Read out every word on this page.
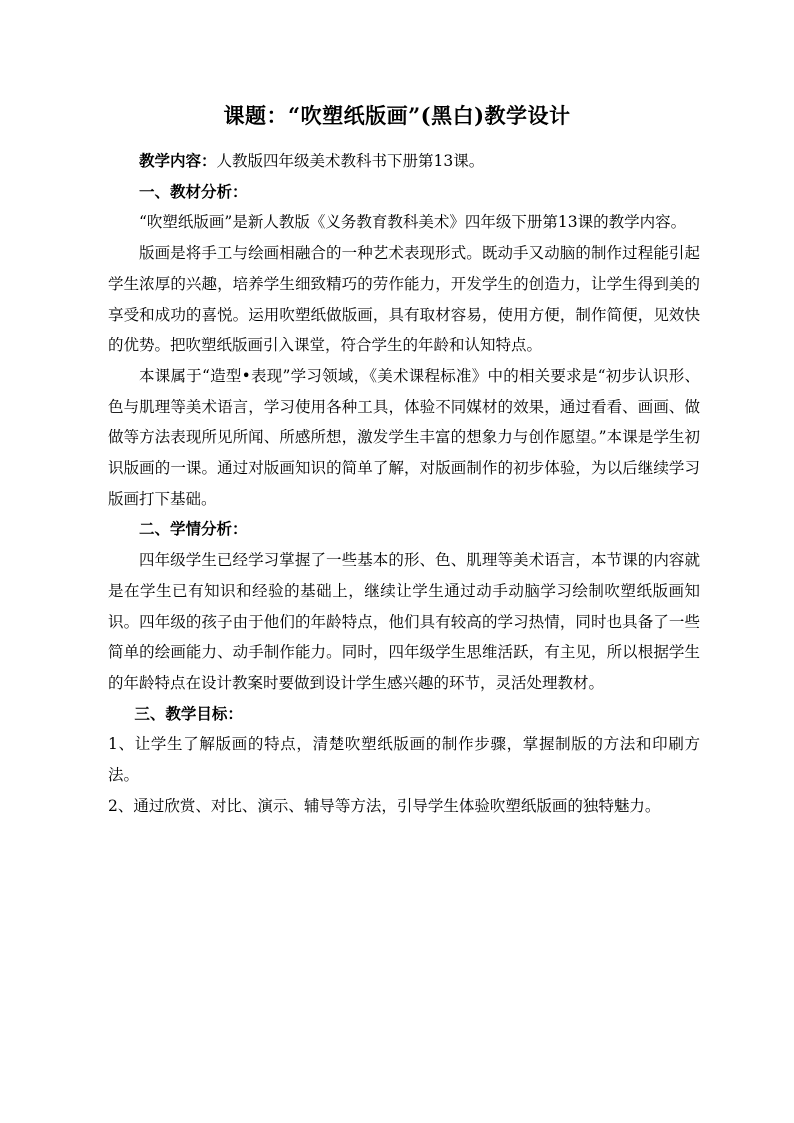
课题：“吹塑纸版画”(黑白)教学设计

教学内容：人教版四年级美术教科书下册第13课。

一、教材分析：

“吹塑纸版画”是新人教版《义务教育教科美术》四年级下册第13课的教学内容。

版画是将手工与绘画相融合的一种艺术表现形式。既动手又动脑的制作过程能引起学生浓厚的兴趣，培养学生细致精巧的劳作能力，开发学生的创造力，让学生得到美的享受和成功的喜悦。运用吹塑纸做版画，具有取材容易，使用方便，制作简便，见效快的优势。把吹塑纸版画引入课堂，符合学生的年龄和认知特点。

本课属于“造型•表现”学习领域，《美术课程标准》中的相关要求是“初步认识形、色与肌理等美术语言，学习使用各种工具，体验不同媒材的效果，通过看看、画画、做做等方法表现所见所闻、所感所想，激发学生丰富的想象力与创作愿望。”本课是学生初识版画的一课。通过对版画知识的简单了解，对版画制作的初步体验，为以后继续学习版画打下基础。

二、学情分析：

四年级学生已经学习掌握了一些基本的形、色、肌理等美术语言，本节课的内容就是在学生已有知识和经验的基础上，继续让学生通过动手动脑学习绘制吹塑纸版画知识。四年级的孩子由于他们的年龄特点，他们具有较高的学习热情，同时也具备了一些简单的绘画能力、动手制作能力。同时，四年级学生思维活跃，有主见，所以根据学生的年龄特点在设计教案时要做到设计学生感兴趣的环节，灵活处理教材。

三、教学目标：

1、让学生了解版画的特点，清楚吹塑纸版画的制作步骤，掌握制版的方法和印刷方法。

2、通过欣赏、对比、演示、辅导等方法，引导学生体验吹塑纸版画的独特魅力。
